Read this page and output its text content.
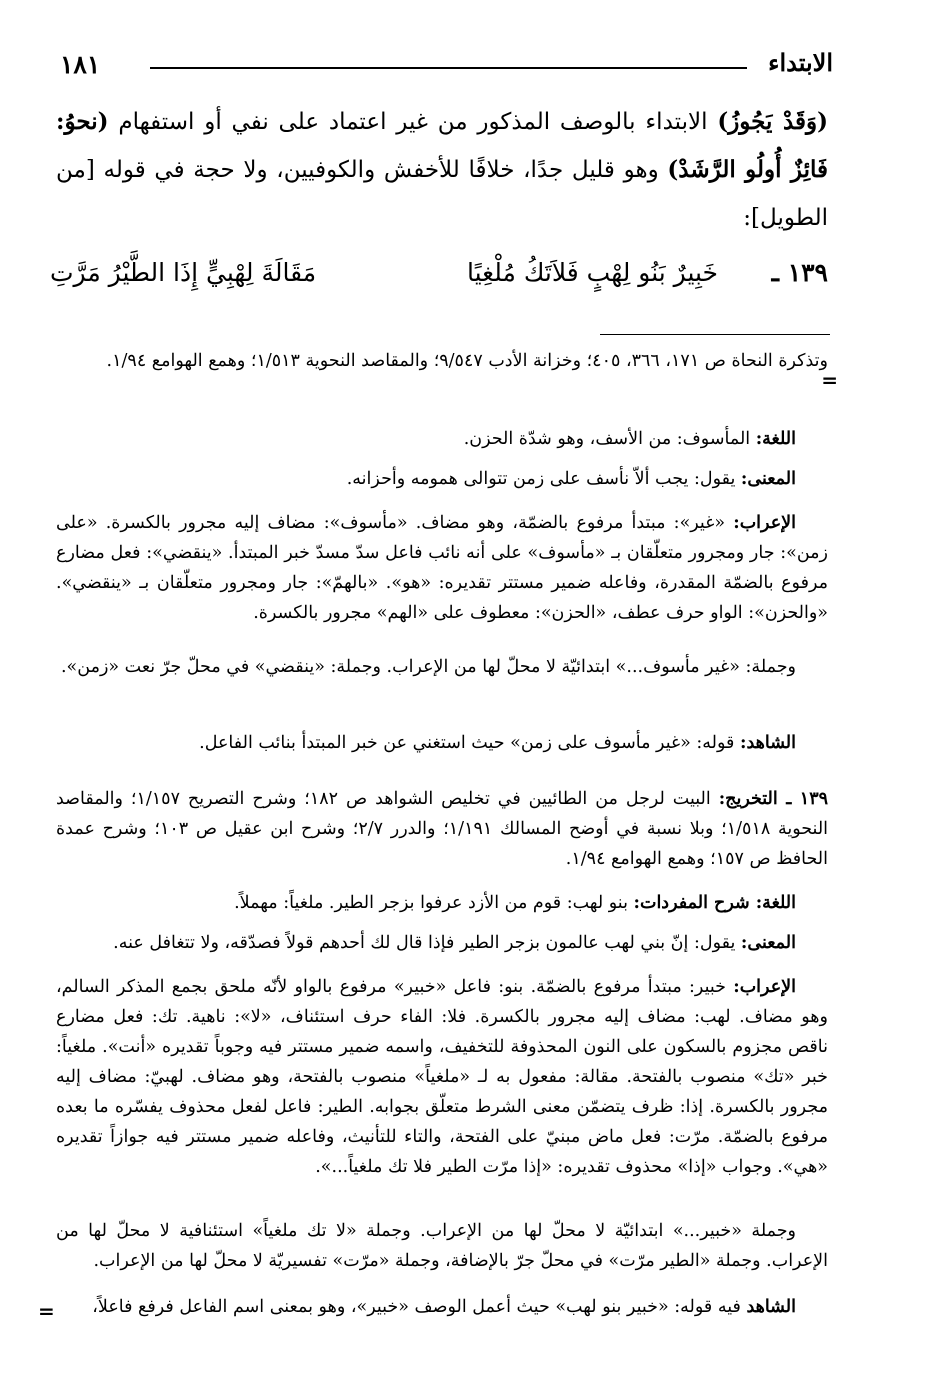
١٨١	الابتداء

(وَقَدْ يَجُوزُ) الابتداء بالوصف المذكور من غير اعتماد على نفي أو استفهام (نحوُ: فَائِزٌ أُولُو الرَّشَدْ) وهو قليل جدًا، خلافًا للأخفش والكوفيين، ولا حجة في قوله [من الطويل]:

١٣٩ ـ
خَبِيرٌ بَنُو لِهْبٍ فَلاَتَكُ مُلْغِيًا
مَقَالَةَ لِهْبِيٍّ إِذَا الطَّيْرُ مَرَّتِ
=

وتذكرة النحاة ص ١٧١، ٣٦٦، ٤٠٥؛ وخزانة الأدب ٩/٥٤٧؛ والمقاصد النحوية ١/٥١٣؛ وهمع الهوامع ١/٩٤.

اللغة: المأسوف: من الأسف، وهو شدّة الحزن.

المعنى: يقول: يجب ألاّ نأسف على زمن تتوالى همومه وأحزانه.

الإعراب: «غير»: مبتدأ مرفوع بالضمّة، وهو مضاف. «مأسوف»: مضاف إليه مجرور بالكسرة. «على زمن»: جار ومجرور متعلّقان بـ «مأسوف» على أنه نائب فاعل سدّ مسدّ خبر المبتدأ. «ينقضي»: فعل مضارع مرفوع بالضمّة المقدرة، وفاعله ضمير مستتر تقديره: «هو». «بالهمّ»: جار ومجرور متعلّقان بـ «ينقضي». «والحزن»: الواو حرف عطف، «الحزن»: معطوف على «الهم» مجرور بالكسرة.

وجملة: «غير مأسوف...» ابتدائيّة لا محلّ لها من الإعراب. وجملة: «ينقضي» في محلّ جرّ نعت «زمن».

الشاهد: قوله: «غير مأسوف على زمن» حيث استغني عن خبر المبتدأ بنائب الفاعل.

١٣٩ ـ التخريج: البيت لرجل من الطائيين في تخليص الشواهد ص ١٨٢؛ وشرح التصريح ١/١٥٧؛ والمقاصد النحوية ١/٥١٨؛ وبلا نسبة في أوضح المسالك ١/١٩١؛ والدرر ٢/٧؛ وشرح ابن عقيل ص ١٠٣؛ وشرح عمدة الحافظ ص ١٥٧؛ وهمع الهوامع ١/٩٤.

اللغة: شرح المفردات: بنو لهب: قوم من الأزد عرفوا بزجر الطير. ملغياً: مهملاً.

المعنى: يقول: إنّ بني لهب عالمون بزجر الطير فإذا قال لك أحدهم قولاً فصدّقه، ولا تتغافل عنه.

الإعراب: خبير: مبتدأ مرفوع بالضمّة. بنو: فاعل «خبير» مرفوع بالواو لأنّه ملحق بجمع المذكر السالم، وهو مضاف. لهب: مضاف إليه مجرور بالكسرة. فلا: الفاء حرف استئناف، «لا»: ناهية. تك: فعل مضارع ناقص مجزوم بالسكون على النون المحذوفة للتخفيف، واسمه ضمير مستتر فيه وجوباً تقديره «أنت». ملغياً: خبر «تك» منصوب بالفتحة. مقالة: مفعول به لـ «ملغياً» منصوب بالفتحة، وهو مضاف. لهبيّ: مضاف إليه مجرور بالكسرة. إذا: ظرف يتضمّن معنى الشرط متعلّق بجوابه. الطير: فاعل لفعل محذوف يفسّره ما بعده مرفوع بالضمّة. مرّت: فعل ماض مبنيّ على الفتحة، والتاء للتأنيث، وفاعله ضمير مستتر فيه جوازاً تقديره «هي». وجواب «إذا» محذوف تقديره: «إذا مرّت الطير فلا تك ملغياً...».

وجملة «خبير...» ابتدائيّة لا محلّ لها من الإعراب. وجملة «لا تك ملغياً» استئنافية لا محلّ لها من الإعراب. وجملة «الطير مرّت» في محلّ جرّ بالإضافة، وجملة «مرّت» تفسيريّة لا محلّ لها من الإعراب.

الشاهد فيه قوله: «خبير بنو لهب» حيث أعمل الوصف «خبير»، وهو بمعنى اسم الفاعل فرفع فاعلاً،

=
